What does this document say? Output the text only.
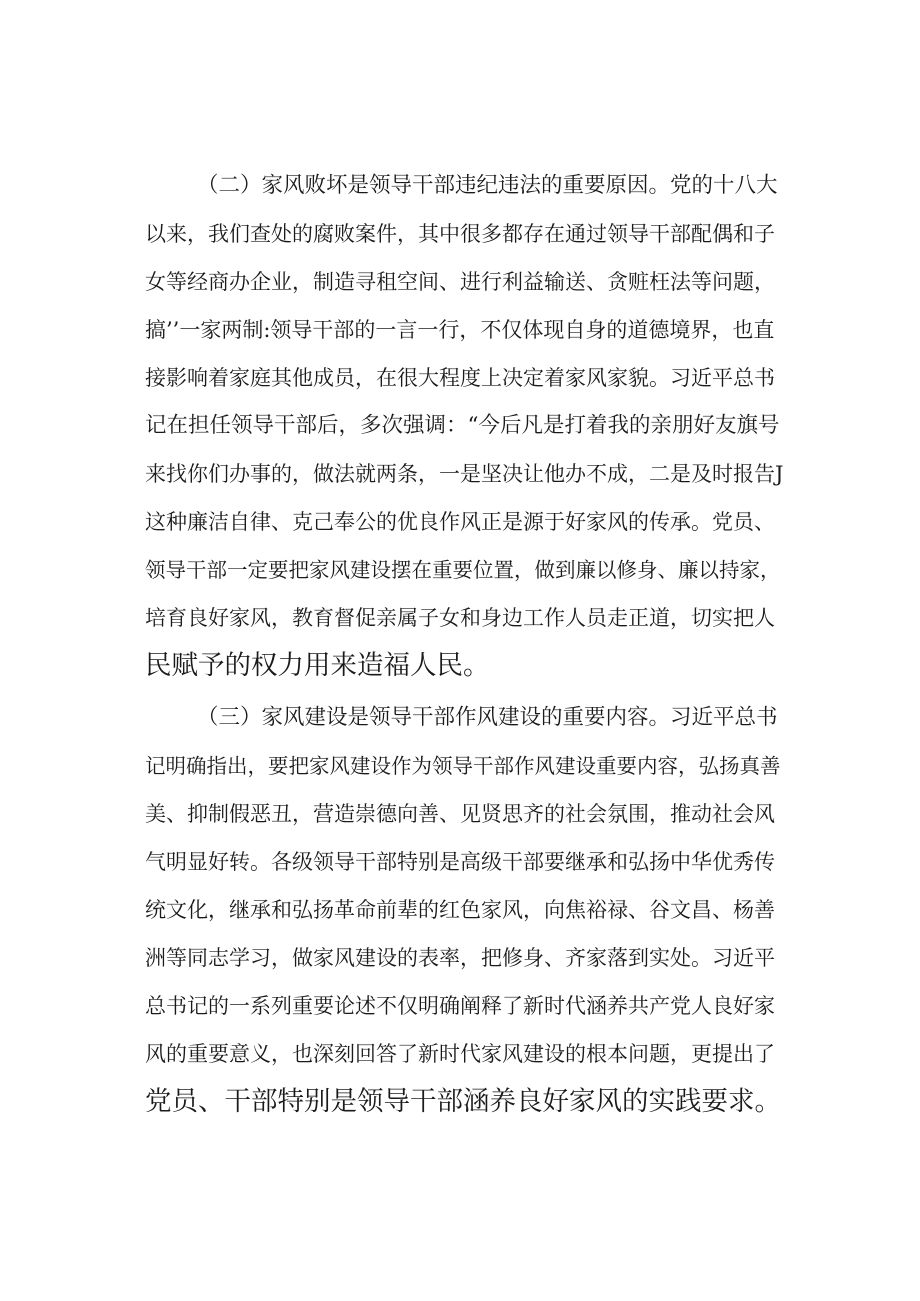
（二）家风败坏是领导干部违纪违法的重要原因。党的十八大
以来，我们查处的腐败案件，其中很多都存在通过领导干部配偶和子
女等经商办企业，制造寻租空间、进行利益输送、贪赃枉法等问题，
搞’’一家两制:领导干部的一言一行，不仅体现自身的道德境界，也直
接影响着家庭其他成员，在很大程度上决定着家风家貌。习近平总书
记在担任领导干部后，多次强调：“今后凡是打着我的亲朋好友旗号
来找你们办事的，做法就两条，一是坚决让他办不成，二是及时报告J
这种廉洁自律、克己奉公的优良作风正是源于好家风的传承。党员、
领导干部一定要把家风建设摆在重要位置，做到廉以修身、廉以持家，
培育良好家风，教育督促亲属子女和身边工作人员走正道，切实把人
民赋予的权力用来造福人民。
（三）家风建设是领导干部作风建设的重要内容。习近平总书
记明确指出，要把家风建设作为领导干部作风建设重要内容，弘扬真善
美、抑制假恶丑，营造崇德向善、见贤思齐的社会氛围，推动社会风
气明显好转。各级领导干部特别是高级干部要继承和弘扬中华优秀传
统文化，继承和弘扬革命前辈的红色家风，向焦裕禄、谷文昌、杨善
洲等同志学习，做家风建设的表率，把修身、齐家落到实处。习近平
总书记的一系列重要论述不仅明确阐释了新时代涵养共产党人良好家
风的重要意义，也深刻回答了新时代家风建设的根本问题，更提出了
党员、干部特别是领导干部涵养良好家风的实践要求。
